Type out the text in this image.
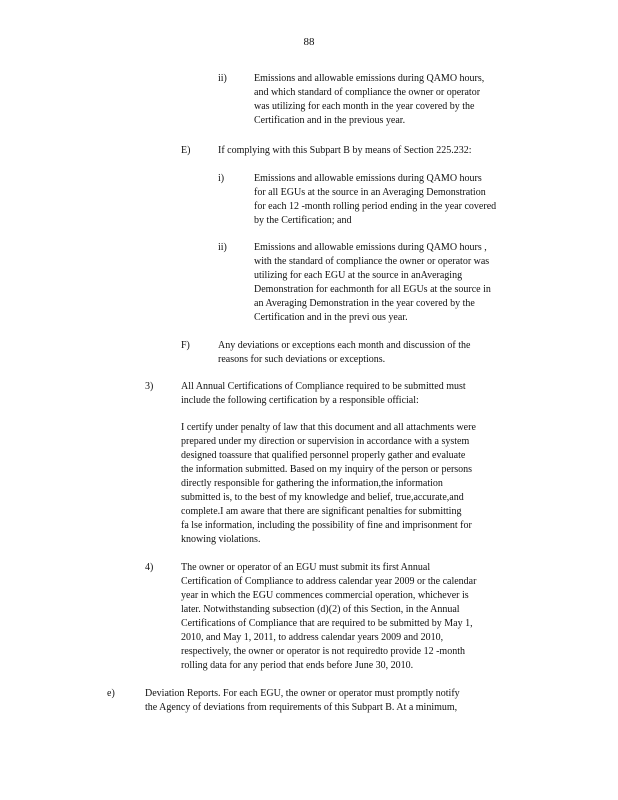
88
ii)	Emissions and allowable emissions during QAMO hours,
and which standard of compliance the owner or operator
was utilizing for each month in the year covered by the
Certification and in the previous year.
E)	If complying with this Subpart B by means of Section 225.232:
i)	Emissions and allowable emissions during QAMO hours
for all EGUs at the source in an Averaging Demonstration
for each 12 -month rolling period ending in the year covered
by the Certification; and
ii)	Emissions and allowable emissions during QAMO hours ,
with the standard of compliance the owner or operator was
utilizing for each EGU at the source in anAveraging
Demonstration for eachmonth for all EGUs at the source in
an Averaging Demonstration in the year covered by the
Certification and in the previ ous year.
F)	Any deviations or exceptions each month and discussion of the
reasons for such deviations or exceptions.
3)	All Annual Certifications of Compliance required to be submitted must
include the following certification by a responsible official:
I certify under penalty of law that this document and all attachments were
prepared under my direction or supervision in accordance with a system
designed toassure that qualified personnel properly gather and evaluate
the information submitted. Based on my inquiry of the person or persons
directly responsible for gathering the information,the information
submitted is, to the best of my knowledge and belief, true,accurate,and
complete.I am aware that there are significant penalties for submitting
fa lse information, including the possibility of fine and imprisonment for
knowing violations.
4)	The owner or operator of an EGU must submit its first Annual
Certification of Compliance to address calendar year 2009 or the calendar
year in which the EGU commences commercial operation, whichever is
later. Notwithstanding subsection (d)(2) of this Section, in the Annual
Certifications of Compliance that are required to be submitted by May 1,
2010, and May 1, 2011, to address calendar years 2009 and 2010,
respectively, the owner or operator is not requiredto provide 12 -month
rolling data for any period that ends before June 30, 2010.
e)	Deviation Reports. For each EGU, the owner or operator must promptly notify
the Agency of deviations from requirements of this Subpart B. At a minimum,
